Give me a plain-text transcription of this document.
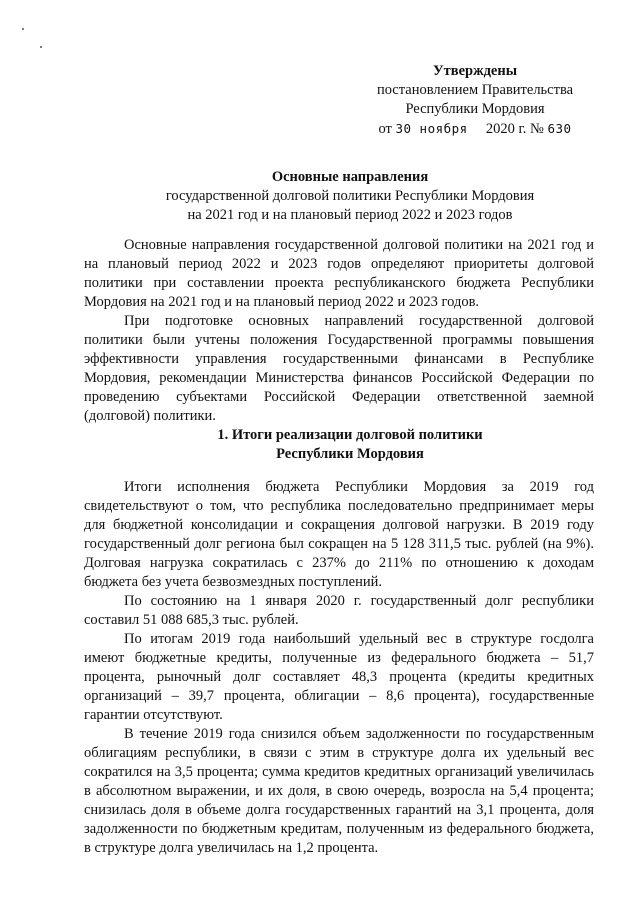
Утверждены
постановлением Правительства
Республики Мордовия
от 30 ноября 2020 г. № 630
Основные направления
государственной долговой политики Республики Мордовия
на 2021 год и на плановый период 2022 и 2023 годов

Основные направления государственной долговой политики на 2021 год и на плановый период 2022 и 2023 годов определяют приоритеты долговой политики при составлении проекта республиканского бюджета Республики Мордовия на 2021 год и на плановый период 2022 и 2023 годов.

При подготовке основных направлений государственной долговой политики были учтены положения Государственной программы повышения эффективности управления государственными финансами в Республике Мордовия, рекомендации Министерства финансов Российской Федерации по проведению субъектами Российской Федерации ответственной заемной (долговой) политики.

1. Итоги реализации долговой политики
Республики Мордовия

Итоги исполнения бюджета Республики Мордовия за 2019 год свидетельствуют о том, что республика последовательно предпринимает меры для бюджетной консолидации и сокращения долговой нагрузки. В 2019 году государственный долг региона был сокращен на 5 128 311,5 тыс. рублей (на 9%). Долговая нагрузка сократилась с 237% до 211% по отношению к доходам бюджета без учета безвозмездных поступлений.

По состоянию на 1 января 2020 г. государственный долг республики составил 51 088 685,3 тыс. рублей.

По итогам 2019 года наибольший удельный вес в структуре госдолга имеют бюджетные кредиты, полученные из федерального бюджета – 51,7 процента, рыночный долг составляет 48,3 процента (кредиты кредитных организаций – 39,7 процента, облигации – 8,6 процента), государственные гарантии отсутствуют.

В течение 2019 года снизился объем задолженности по государственным облигациям республики, в связи с этим в структуре долга их удельный вес сократился на 3,5 процента; сумма кредитов кредитных организаций увеличилась в абсолютном выражении, и их доля, в свою очередь, возросла на 5,4 процента; снизилась доля в объеме долга государственных гарантий на 3,1 процента, доля задолженности по бюджетным кредитам, полученным из федерального бюджета, в структуре долга увеличилась на 1,2 процента.
